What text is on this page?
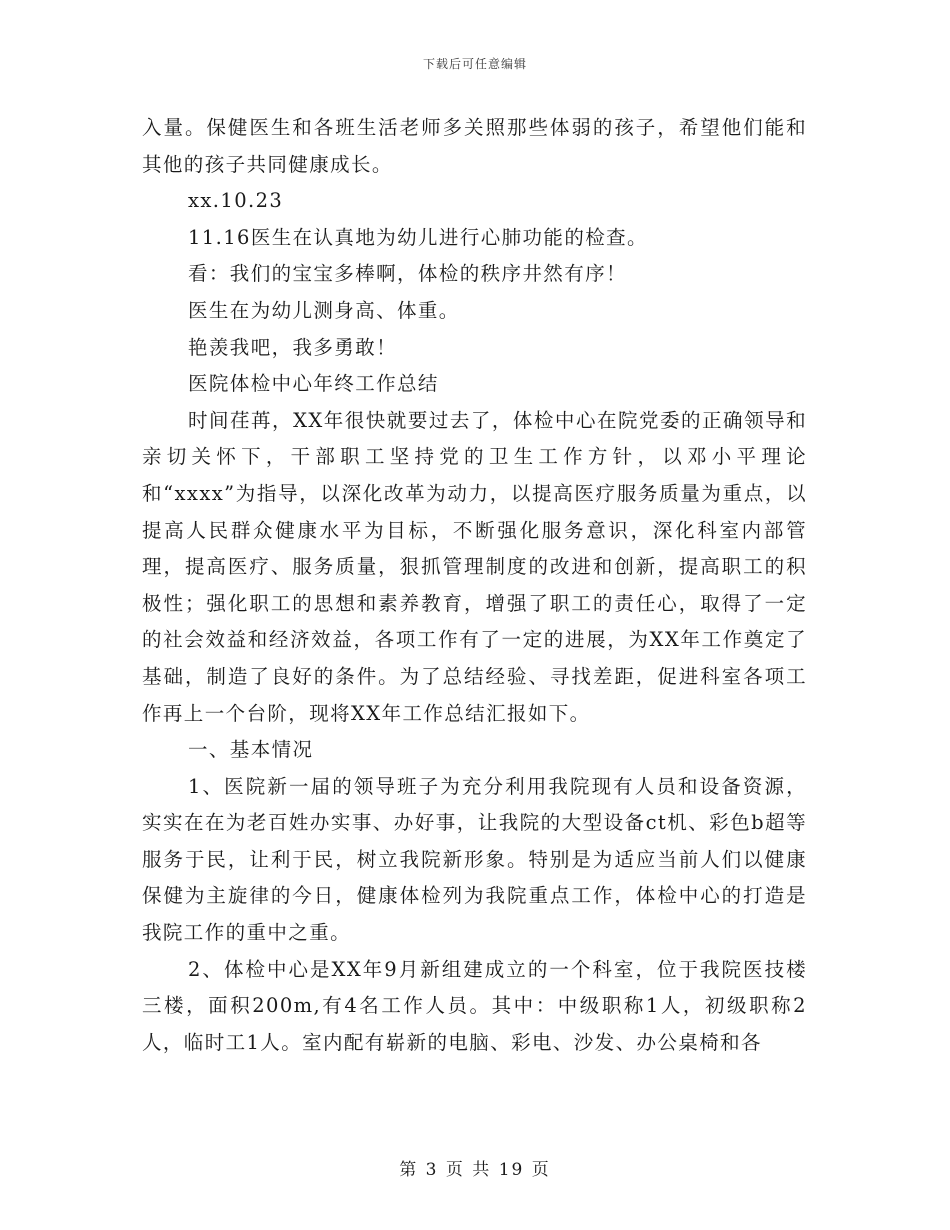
下载后可任意编辑

入量。保健医生和各班生活老师多关照那些体弱的孩子，希望他们能和其他的孩子共同健康成长。

xx.10.23

11.16医生在认真地为幼儿进行心肺功能的检查。

看：我们的宝宝多棒啊，体检的秩序井然有序！

医生在为幼儿测身高、体重。

艳羡我吧，我多勇敢！

医院体检中心年终工作总结

时间荏苒，XX年很快就要过去了，体检中心在院党委的正确领导和亲切关怀下，干部职工坚持党的卫生工作方针，以邓小平理论和“xxxx”为指导，以深化改革为动力，以提高医疗服务质量为重点，以提高人民群众健康水平为目标，不断强化服务意识，深化科室内部管理，提高医疗、服务质量，狠抓管理制度的改进和创新，提高职工的积极性；强化职工的思想和素养教育，增强了职工的责任心，取得了一定的社会效益和经济效益，各项工作有了一定的进展，为XX年工作奠定了基础，制造了良好的条件。为了总结经验、寻找差距，促进科室各项工作再上一个台阶，现将XX年工作总结汇报如下。

一、基本情况

1、医院新一届的领导班子为充分利用我院现有人员和设备资源，实实在在为老百姓办实事、办好事，让我院的大型设备ct机、彩色b超等服务于民，让利于民，树立我院新形象。特别是为适应当前人们以健康保健为主旋律的今日，健康体检列为我院重点工作，体检中心的打造是我院工作的重中之重。

2、体检中心是XX年9月新组建成立的一个科室，位于我院医技楼三楼，面积200m,有4名工作人员。其中：中级职称1人，初级职称2人，临时工1人。室内配有崭新的电脑、彩电、沙发、办公桌椅和各

第 3 页 共 19 页
